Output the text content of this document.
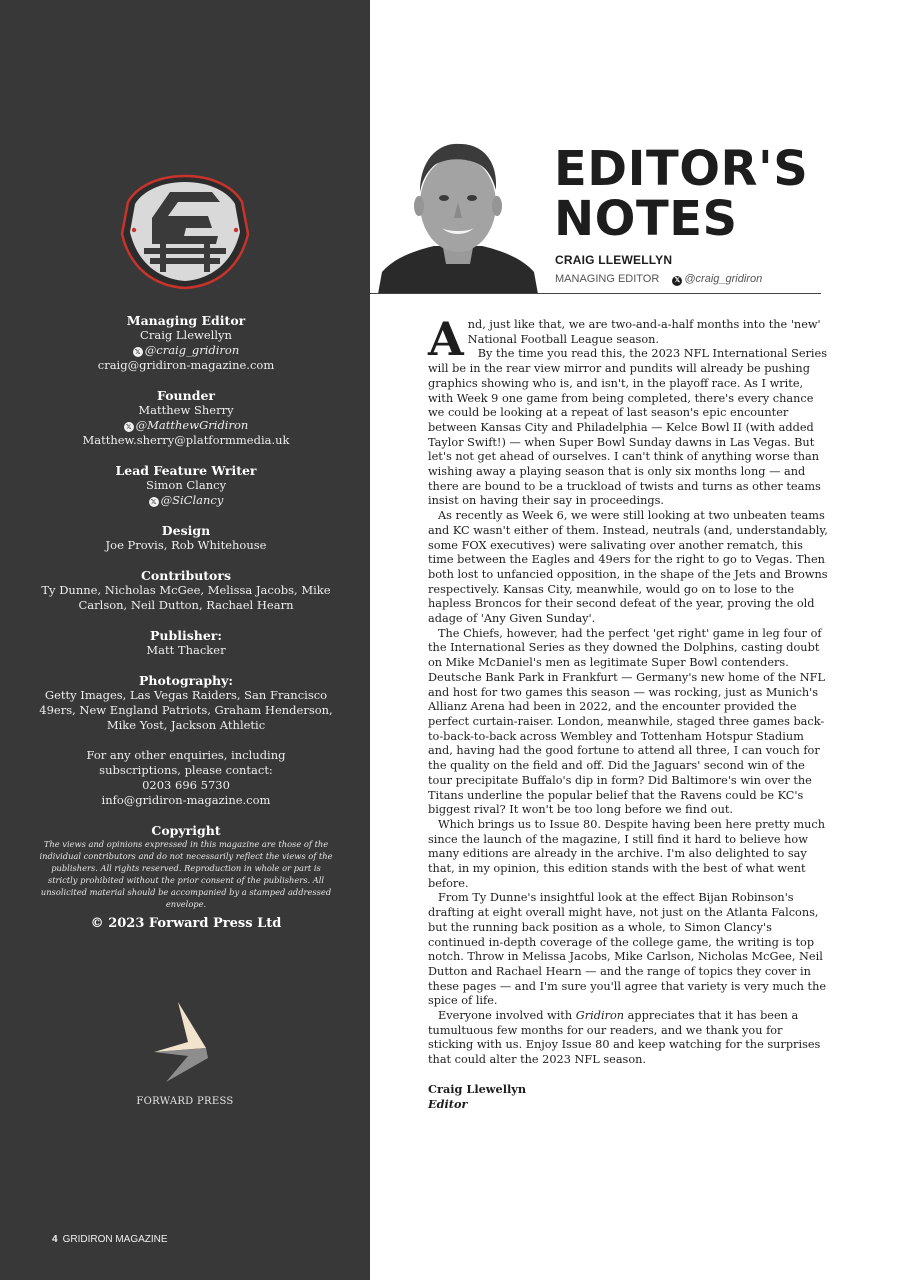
Managing Editor
Craig Llewellyn
𝕏 @craig_gridiron
craig@gridiron-magazine.com
Founder
Matthew Sherry
𝕏 @MatthewGridiron
Matthew.sherry@platformmedia.uk
Lead Feature Writer
Simon Clancy
𝕏 @SiClancy
Design
Joe Provis, Rob Whitehouse
Contributors
Ty Dunne, Nicholas McGee, Melissa Jacobs, Mike Carlson, Neil Dutton, Rachael Hearn
Publisher:
Matt Thacker
Photography:
Getty Images, Las Vegas Raiders, San Francisco 49ers, New England Patriots, Graham Henderson, Mike Yost, Jackson Athletic
For any other enquiries, including
subscriptions, please contact:
0203 696 5730
info@gridiron-magazine.com
Copyright
The views and opinions expressed in this magazine are those of the individual contributors and do not necessarily reflect the views of the publishers. All rights reserved. Reproduction in whole or part is strictly prohibited without the prior consent of the publishers. All unsolicited material should be accompanied by a stamped addressed envelope.
© 2023 Forward Press Ltd
FORWARD PRESS
4 GRIDIRON MAGAZINE
EDITOR'S
NOTES
CRAIG LLEWELLYN
MANAGING EDITOR 𝕏 @craig_gridiron

And, just like that, we are two-and-a-half months into the 'new' National Football League season.

By the time you read this, the 2023 NFL International Series will be in the rear view mirror and pundits will already be pushing graphics showing who is, and isn't, in the playoff race. As I write, with Week 9 one game from being completed, there's every chance we could be looking at a repeat of last season's epic encounter between Kansas City and Philadelphia — Kelce Bowl II (with added Taylor Swift!) — when Super Bowl Sunday dawns in Las Vegas. But let's not get ahead of ourselves. I can't think of anything worse than wishing away a playing season that is only six months long — and there are bound to be a truckload of twists and turns as other teams insist on having their say in proceedings.

As recently as Week 6, we were still looking at two unbeaten teams and KC wasn't either of them. Instead, neutrals (and, understandably, some FOX executives) were salivating over another rematch, this time between the Eagles and 49ers for the right to go to Vegas. Then both lost to unfancied opposition, in the shape of the Jets and Browns respectively. Kansas City, meanwhile, would go on to lose to the hapless Broncos for their second defeat of the year, proving the old adage of 'Any Given Sunday'.

The Chiefs, however, had the perfect 'get right' game in leg four of the International Series as they downed the Dolphins, casting doubt on Mike McDaniel's men as legitimate Super Bowl contenders. Deutsche Bank Park in Frankfurt — Germany's new home of the NFL and host for two games this season — was rocking, just as Munich's Allianz Arena had been in 2022, and the encounter provided the perfect curtain-raiser. London, meanwhile, staged three games back-to-back-to-back across Wembley and Tottenham Hotspur Stadium and, having had the good fortune to attend all three, I can vouch for the quality on the field and off. Did the Jaguars' second win of the tour precipitate Buffalo's dip in form? Did Baltimore's win over the Titans underline the popular belief that the Ravens could be KC's biggest rival? It won't be too long before we find out.

Which brings us to Issue 80. Despite having been here pretty much since the launch of the magazine, I still find it hard to believe how many editions are already in the archive. I'm also delighted to say that, in my opinion, this edition stands with the best of what went before.

From Ty Dunne's insightful look at the effect Bijan Robinson's drafting at eight overall might have, not just on the Atlanta Falcons, but the running back position as a whole, to Simon Clancy's continued in-depth coverage of the college game, the writing is top notch. Throw in Melissa Jacobs, Mike Carlson, Nicholas McGee, Neil Dutton and Rachael Hearn — and the range of topics they cover in these pages — and I'm sure you'll agree that variety is very much the spice of life.

Everyone involved with Gridiron appreciates that it has been a tumultuous few months for our readers, and we thank you for sticking with us. Enjoy Issue 80 and keep watching for the surprises that could alter the 2023 NFL season.

Craig Llewellyn
Editor
